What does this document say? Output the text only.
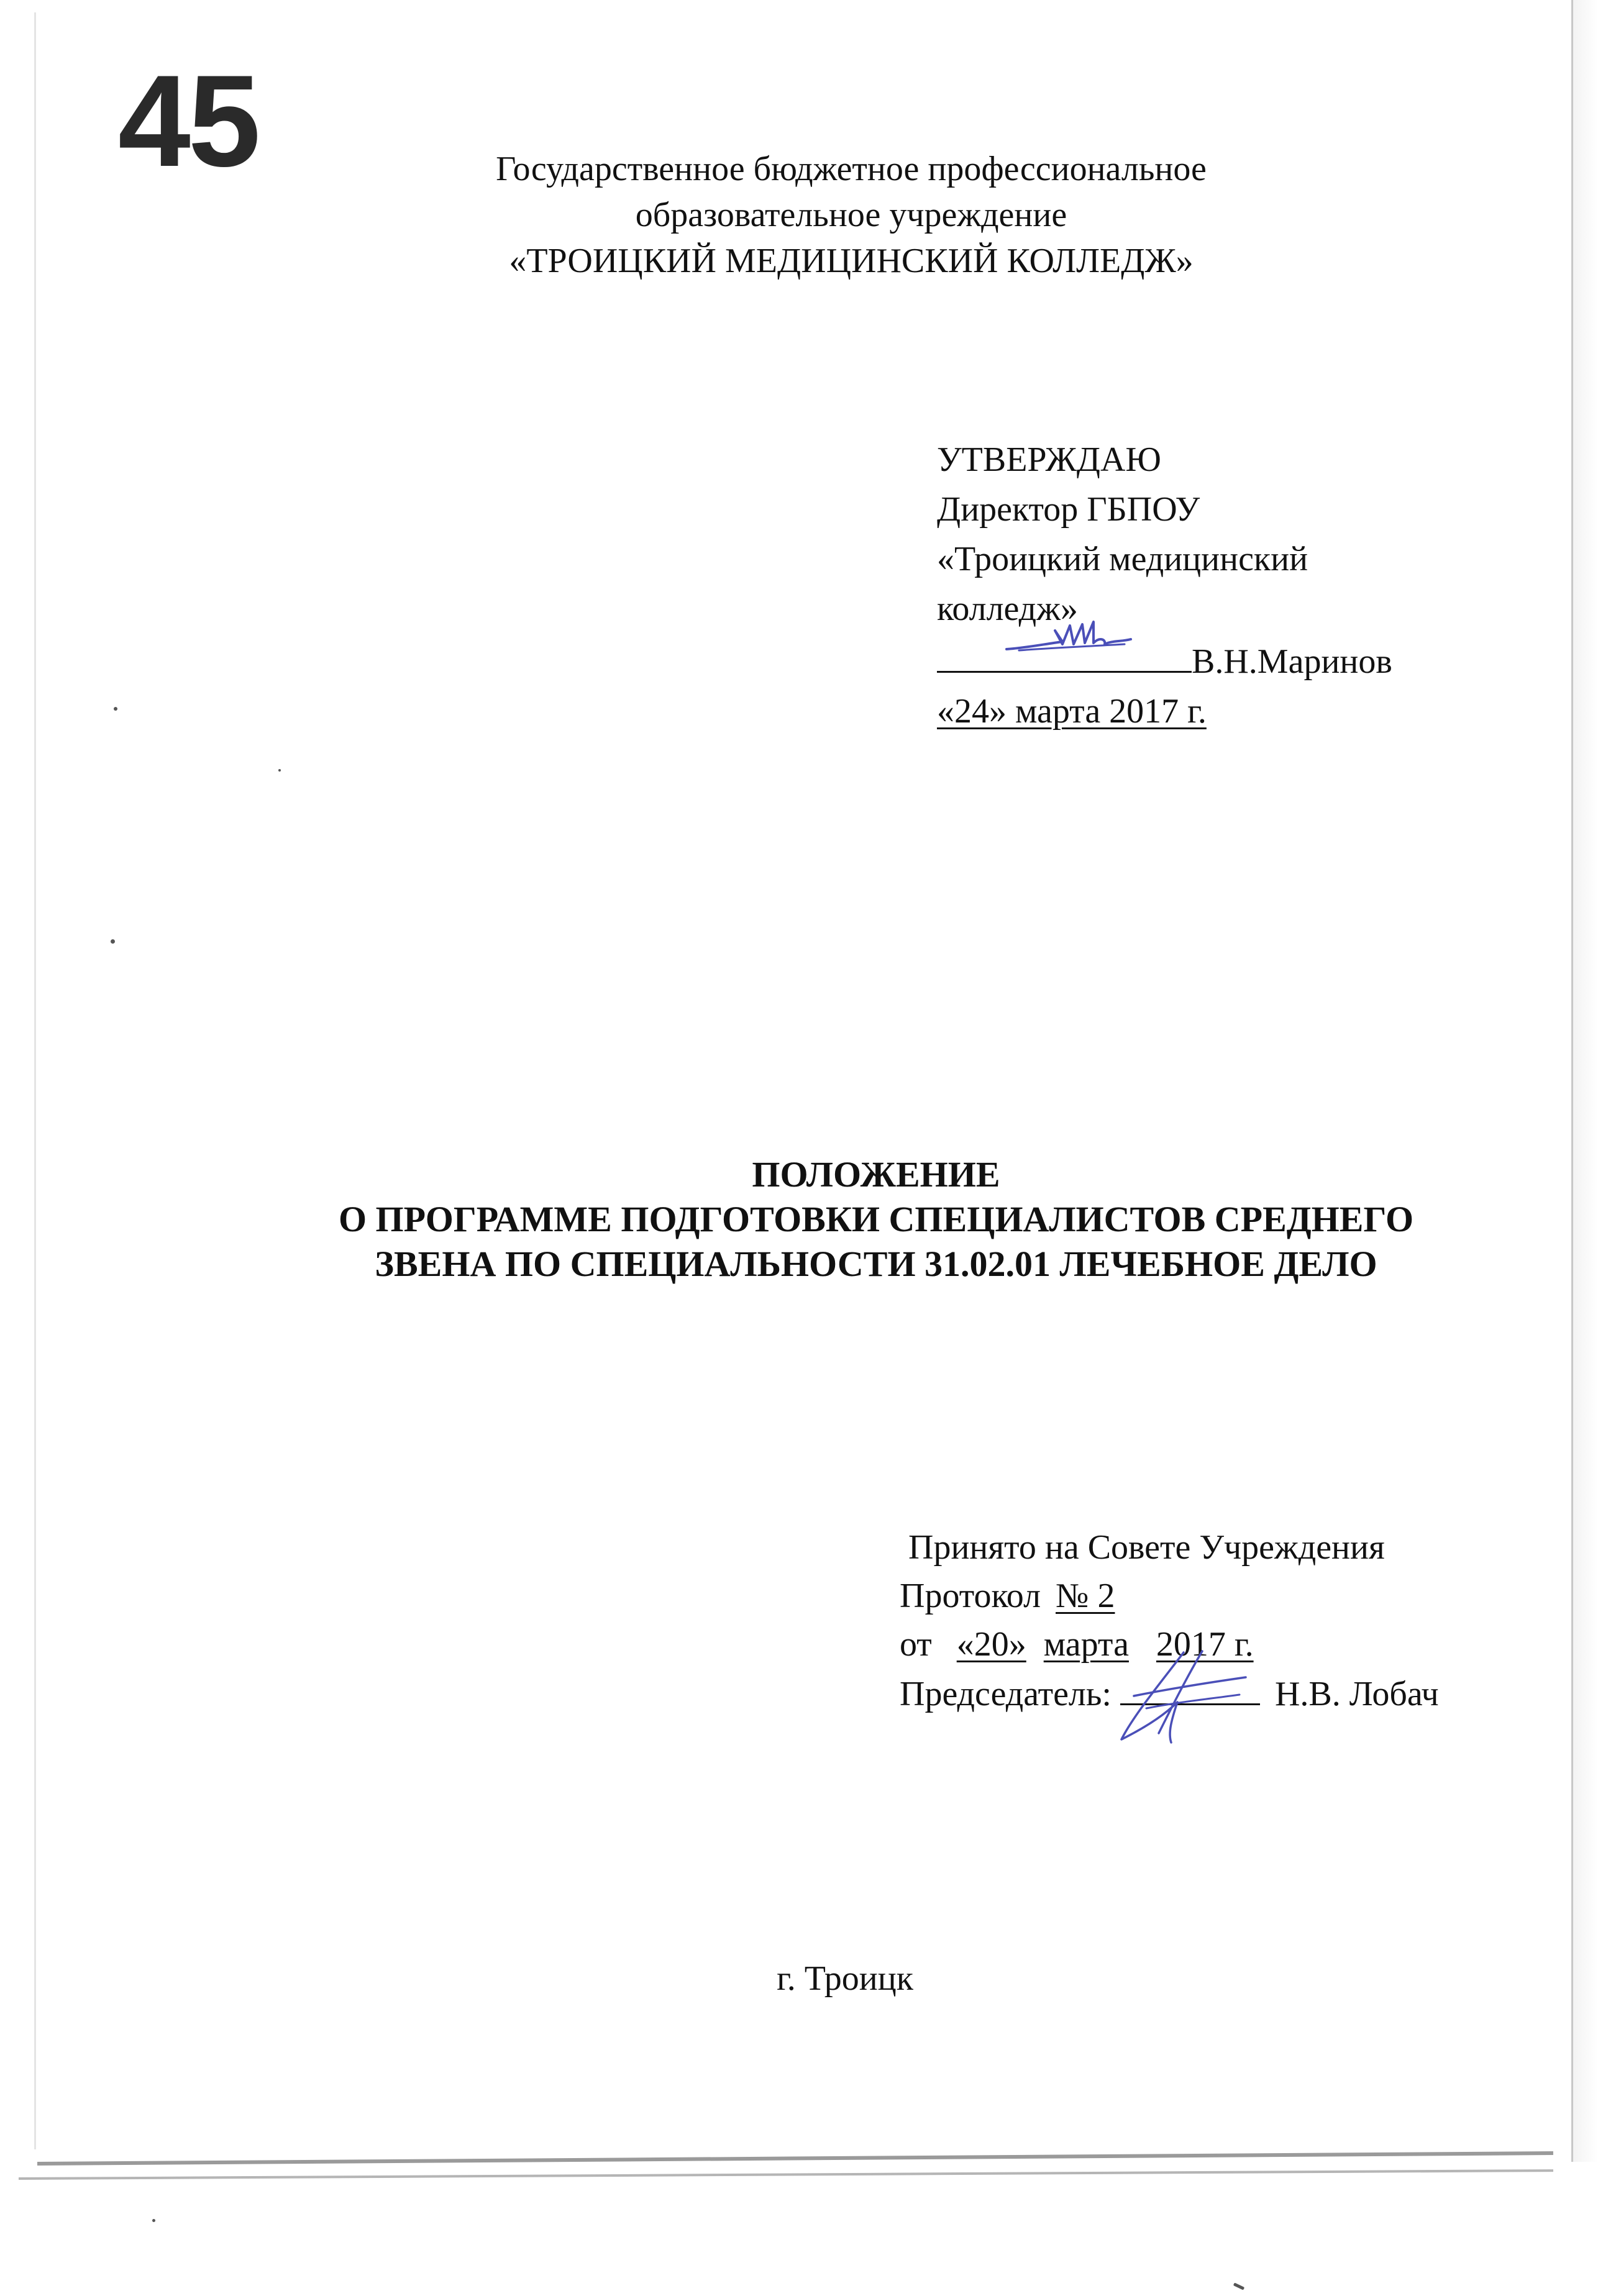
45	Государственное бюджетное профессиональное
образовательное учреждение
«ТРОИЦКИЙ МЕДИЦИНСКИЙ КОЛЛЕДЖ»
УТВЕРЖДАЮ
Директор ГБПОУ
«Троицкий медицинский
колледж»
В.Н.Маринов
«24» марта 2017 г.
ПОЛОЖЕНИЕ
О ПРОГРАММЕ ПОДГОТОВКИ СПЕЦИАЛИСТОВ СРЕДНЕГО
ЗВЕНА ПО СПЕЦИАЛЬНОСТИ 31.02.01 ЛЕЧЕБНОЕ ДЕЛО
Принято на Совете Учреждения
Протокол № 2
от «20» марта 2017 г.
Председатель:	Н.В. Лобач
г. Троицк
